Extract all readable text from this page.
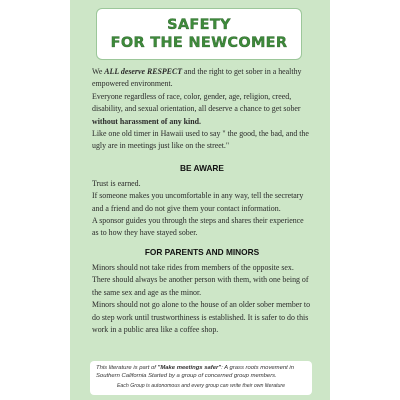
SAFETY
FOR THE NEWCOMER

We ALL deserve RESPECT and the right to get sober in a healthy empowered environment.

Everyone regardless of race, color, gender, age, religion, creed, disability, and sexual orientation, all deserve a chance to get sober without harassment of any kind.

Like one old timer in Hawaii used to say " the good, the bad, and the ugly are in meetings just like on the street."

BE AWARE

Trust is earned.

If someone makes you uncomfortable in any way, tell the secretary and a friend and do not give them your contact information.

A sponsor guides you through the steps and shares their experience as to how they have stayed sober.

FOR PARENTS AND MINORS

Minors should not take rides from members of the opposite sex.

There should always be another person with them, with one being of the same sex and age as the minor.

Minors should not go alone to the house of an older sober member to do step work until trustworthiness is established. It is safer to do this work in a public area like a coffee shop.

This literature is part of "Make meetings safer": A grass roots movement in Southern California Started by a group of concerned group members.
Each Group is autonomous and every group can write their own literature
